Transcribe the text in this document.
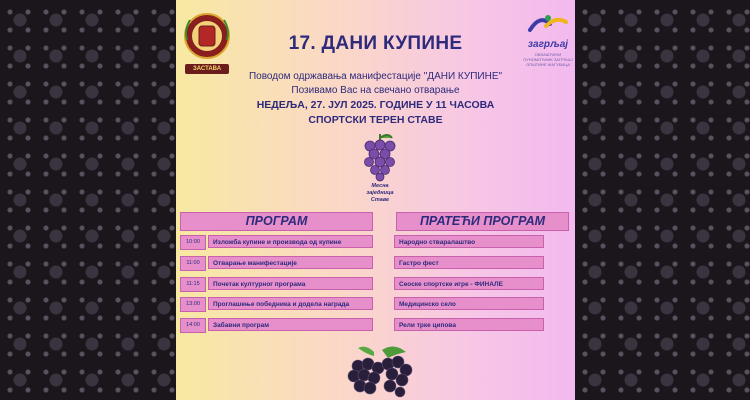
ЗАСТАВА
17. ДАНИ КУПИНЕ	загрљај
ОВЛАШЋЕНИ ПУНОМОЋНИК ЗАГРЉАЈ ОПШТИНЕ ЖАГУБИЦА
Поводом одржавања манифестације "ДАНИ КУПИНЕ"
Позивамо Вас на свечано отварање
НЕДЕЉА, 27. ЈУЛ 2025. ГОДИНЕ У 11 ЧАСОВА
СПОРТСКИ ТЕРЕН СТАВЕ
Месна
заједница
Ставе
ПРОГРАМ	ПРАТЕЋИ ПРОГРАМ
10:00	Изложба купине и производа од купине
11:00	Отварање манифестације
11:15	Почетак културног програма
13:00	Проглашење победника и додела награда
14:00	Забавни програм
Народно стваралаштво
Гастро фест
Сеоске спортске игре - ФИНАЛЕ
Медицинско село
Рели трке ципова
